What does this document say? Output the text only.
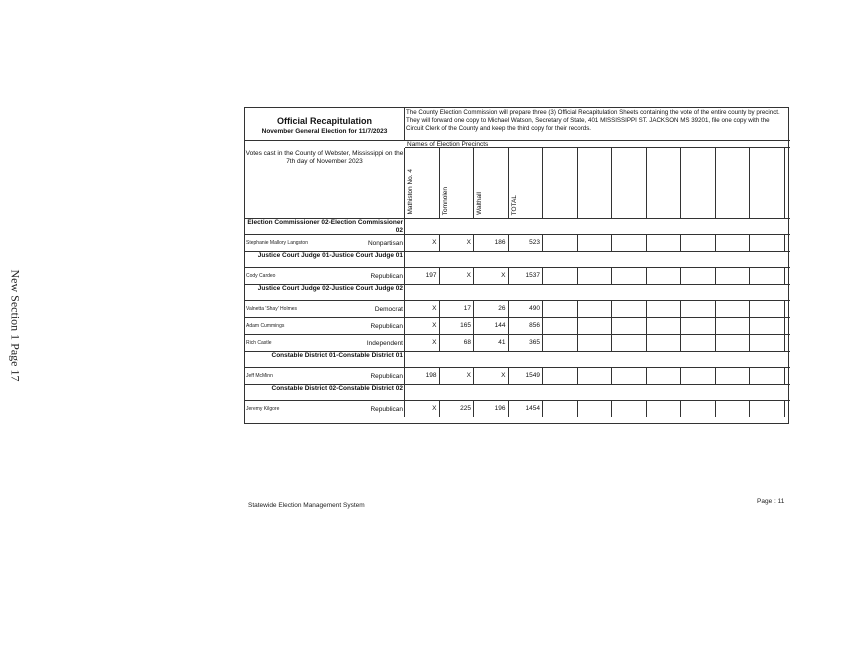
New Section 1 Page 17
Official Recapitulation
November General Election for 11/7/2023
The County Election Commission will prepare three (3) Official Recapitulation Sheets containing the vote of the entire county by precinct. They will forward one copy to Michael Watson, Secretary of State, 401 MISSISSIPPI ST. JACKSON MS 39201, file one copy with the Circuit Clerk of the County and keep the third copy for their records.
Names of Election Precincts
Votes cast in the County of Webster, Mississippi on the 7th day of November 2023
Mathiston No. 4	Tomnolen	Walthall	TOTAL
Election Commissioner 02-Election Commissioner 02
Stephanie Mallory Langston	Nonpartisan	X	X	186	523
Justice Court Judge 01-Justice Court Judge 01
Cody Cardeo	Republican	197	X	X	1537
Justice Court Judge 02-Justice Court Judge 02
Valnetta 'Shay' Holmes	Democrat	X	17	26	490
Adam Cummings	Republican	X	165	144	856
Rich Castle	Independent	X	68	41	365
Constable District 01-Constable District 01
Jeff McMinn	Republican	198	X	X	1549
Constable District 02-Constable District 02
Jeremy Kilgore	Republican	X	225	196	1454
Statewide Election Management System
Page : 11
